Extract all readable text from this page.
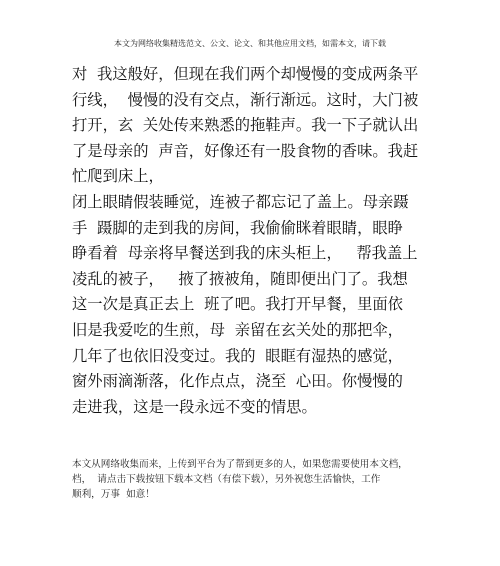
本文为网络收集精选范文、公文、论文、和其他应用文档，如需本文，请下载
对  我这般好，但现在我们两个却慢慢的变成两条平
行线，  慢慢的没有交点，渐行渐远。这时，大门被
打开，玄  关处传来熟悉的拖鞋声。我一下子就认出
了是母亲的  声音，好像还有一股食物的香味。我赶
忙爬到床上，
闭上眼睛假装睡觉，连被子都忘记了盖上。母亲蹑
手  蹑脚的走到我的房间，我偷偷眯着眼睛，眼睁
睁看着  母亲将早餐送到我的床头柜上，   帮我盖上
凌乱的被子，   掖了掖被角，随即便出门了。我想
这一次是真正去上  班了吧。我打开早餐，里面依
旧是我爱吃的生煎，母  亲留在玄关处的那把伞，
几年了也依旧没变过。我的  眼眶有湿热的感觉，
窗外雨滴渐落，化作点点，浇至  心田。你慢慢的
走进我，这是一段永远不变的情思。
本文从网络收集而来，上传到平台为了帮到更多的人，如果您需要使用本文档，
档，  请点击下载按钮下载本文档（有偿下载），另外祝您生活愉快，工作
顺利，万事  如意！
